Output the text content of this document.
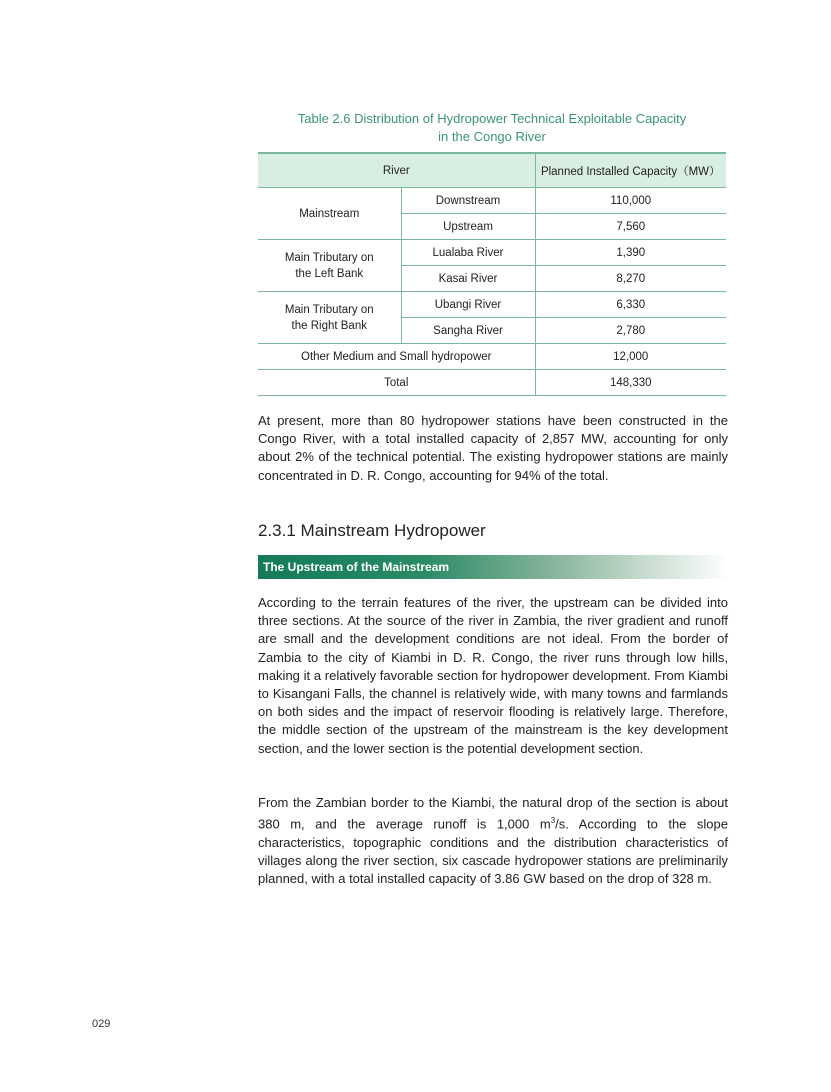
Table 2.6 Distribution of Hydropower Technical Exploitable Capacity
in the Congo River
River		Planned Installed Capacity（MW）
Mainstream	Downstream	110,000
	Upstream	7,560
Main Tributary on the Left Bank	Lualaba River	1,390
	Kasai River	8,270
Main Tributary on the Right Bank	Ubangi River	6,330
	Sangha River	2,780
Other Medium and Small hydropower		12,000
Total		148,330
At present, more than 80 hydropower stations have been constructed in the Congo River, with a total installed capacity of 2,857 MW, accounting for only about 2% of the technical potential. The existing hydropower stations are mainly concentrated in D. R. Congo, accounting for 94% of the total.
2.3.1 Mainstream Hydropower
The Upstream of the Mainstream
According to the terrain features of the river, the upstream can be divided into three sections. At the source of the river in Zambia, the river gradient and runoff are small and the development conditions are not ideal. From the border of Zambia to the city of Kiambi in D. R. Congo, the river runs through low hills, making it a relatively favorable section for hydropower development. From Kiambi to Kisangani Falls, the channel is relatively wide, with many towns and farmlands on both sides and the impact of reservoir flooding is relatively large. Therefore, the middle section of the upstream of the mainstream is the key development section, and the lower section is the potential development section.
From the Zambian border to the Kiambi, the natural drop of the section is about 380 m, and the average runoff is 1,000 $m^3/s$. According to the slope characteristics, topographic conditions and the distribution characteristics of villages along the river section, six cascade hydropower stations are preliminarily planned, with a total installed capacity of 3.86 GW based on the drop of 328 m.
029
